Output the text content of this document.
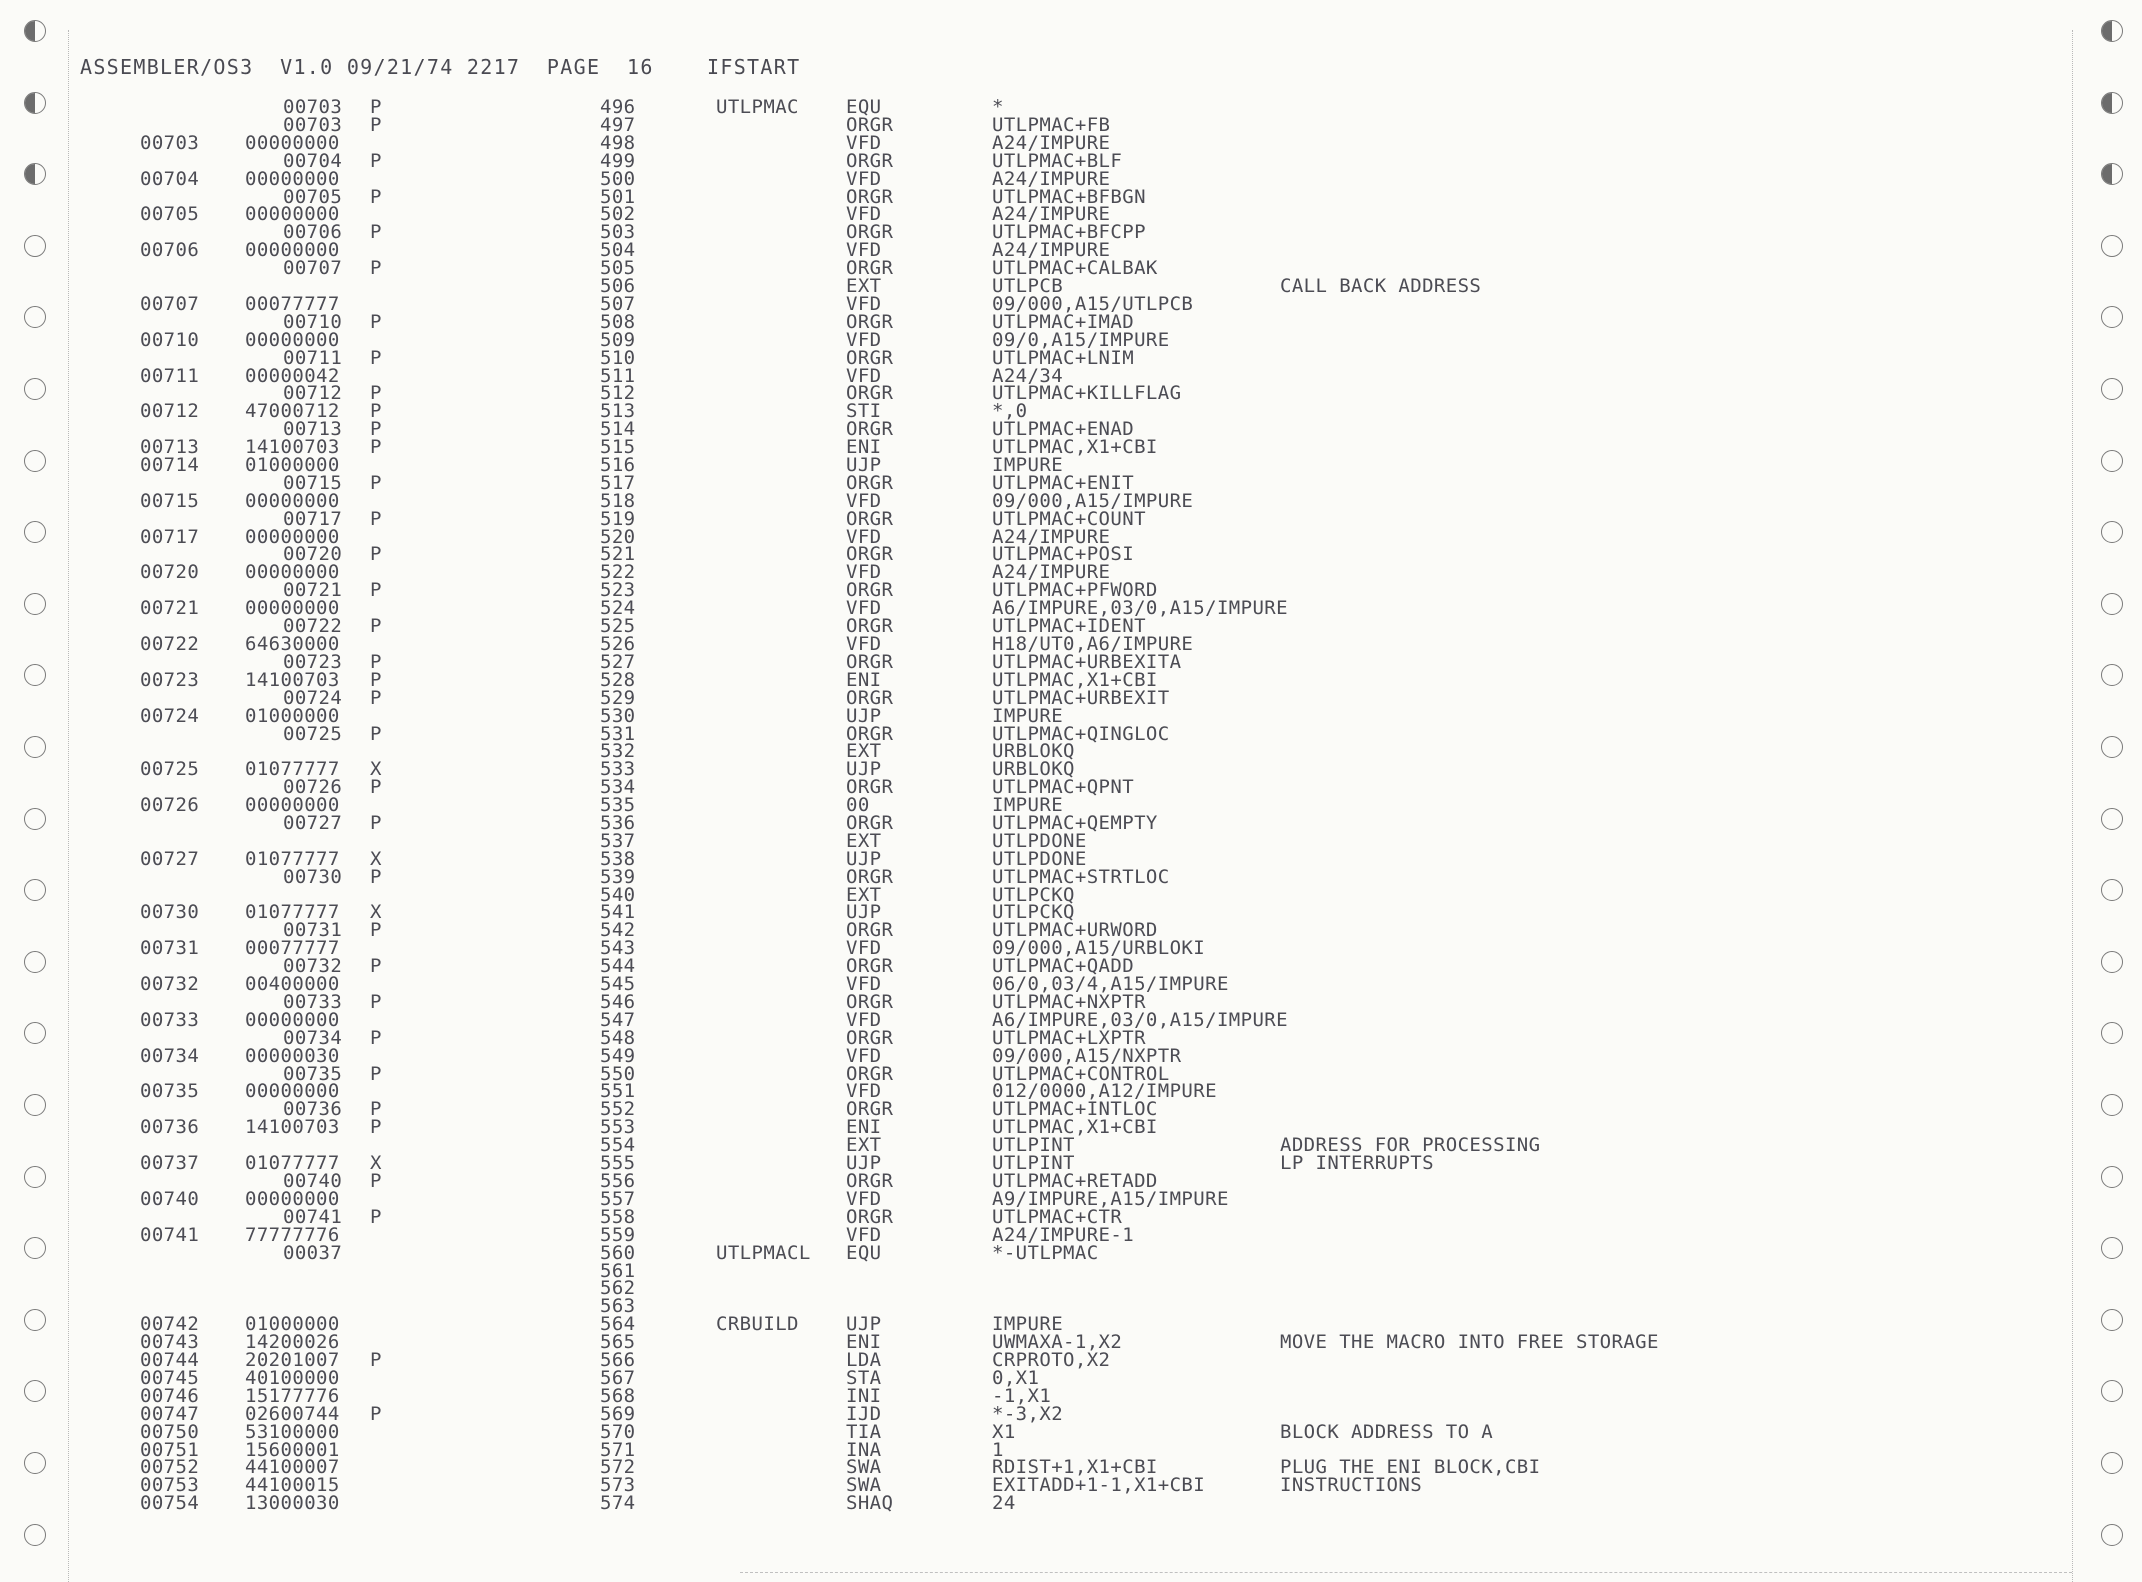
ASSEMBLER/OS3  V1.0 09/21/74 2217  PAGE  16    IFSTART
00703 P	496	UTLPMAC EQU	*
00703 P	497	ORGR	UTLPMAC+FB
00703 00000000	498	VFD	A24/IMPURE
00704 P	499	ORGR	UTLPMAC+BLF
00704 00000000	500	VFD	A24/IMPURE
00705 P	501	ORGR	UTLPMAC+BFBGN
00705 00000000	502	VFD	A24/IMPURE
00706 P	503	ORGR	UTLPMAC+BFCPP
00706 00000000	504	VFD	A24/IMPURE
00707 P	505	ORGR	UTLPMAC+CALBAK
506	EXT	UTLPCB	CALL BACK ADDRESS
00707 00077777	507	VFD	09/000,A15/UTLPCB
00710 P	508	ORGR	UTLPMAC+IMAD
00710 00000000	509	VFD	09/0,A15/IMPURE
00711 P	510	ORGR	UTLPMAC+LNIM
00711 00000042	511	VFD	A24/34
00712 P	512	ORGR	UTLPMAC+KILLFLAG
00712 47000712 P	513	STI	*,0
00713 P	514	ORGR	UTLPMAC+ENAD
00713 14100703 P	515	ENI	UTLPMAC,X1+CBI
00714 01000000	516	UJP	IMPURE
00715 P	517	ORGR	UTLPMAC+ENIT
00715 00000000	518	VFD	09/000,A15/IMPURE
00717 P	519	ORGR	UTLPMAC+COUNT
00717 00000000	520	VFD	A24/IMPURE
00720 P	521	ORGR	UTLPMAC+POSI
00720 00000000	522	VFD	A24/IMPURE
00721 P	523	ORGR	UTLPMAC+PFWORD
00721 00000000	524	VFD	A6/IMPURE,03/0,A15/IMPURE
00722 P	525	ORGR	UTLPMAC+IDENT
00722 64630000	526	VFD	H18/UT0,A6/IMPURE
00723 P	527	ORGR	UTLPMAC+URBEXITA
00723 14100703 P	528	ENI	UTLPMAC,X1+CBI
00724 P	529	ORGR	UTLPMAC+URBEXIT
00724 01000000	530	UJP	IMPURE
00725 P	531	ORGR	UTLPMAC+QINGLOC
532	EXT	URBLOKQ
00725 01077777 X	533	UJP	URBLOKQ
00726 P	534	ORGR	UTLPMAC+QPNT
00726 00000000	535	00	IMPURE
00727 P	536	ORGR	UTLPMAC+QEMPTY
537	EXT	UTLPDONE
00727 01077777 X	538	UJP	UTLPDONE
00730 P	539	ORGR	UTLPMAC+STRTLOC
540	EXT	UTLPCKQ
00730 01077777 X	541	UJP	UTLPCKQ
00731 P	542	ORGR	UTLPMAC+URWORD
00731 00077777	543	VFD	09/000,A15/URBLOKI
00732 P	544	ORGR	UTLPMAC+QADD
00732 00400000	545	VFD	06/0,03/4,A15/IMPURE
00733 P	546	ORGR	UTLPMAC+NXPTR
00733 00000000	547	VFD	A6/IMPURE,03/0,A15/IMPURE
00734 P	548	ORGR	UTLPMAC+LXPTR
00734 00000030	549	VFD	09/000,A15/NXPTR
00735 P	550	ORGR	UTLPMAC+CONTROL
00735 00000000	551	VFD	012/0000,A12/IMPURE
00736 P	552	ORGR	UTLPMAC+INTLOC
00736 14100703 P	553	ENI	UTLPMAC,X1+CBI
554	EXT	UTLPINT	ADDRESS FOR PROCESSING
00737 01077777 X	555	UJP	UTLPINT	LP INTERRUPTS
00740 P	556	ORGR	UTLPMAC+RETADD
00740 00000000	557	VFD	A9/IMPURE,A15/IMPURE
00741 P	558	ORGR	UTLPMAC+CTR
00741 77777776	559	VFD	A24/IMPURE-1
00037	560	UTLPMACL EQU	*-UTLPMAC
561
562
563
00742 01000000	564	CRBUILD UJP	IMPURE
00743 14200026	565	ENI	UWMAXA-1,X2	MOVE THE MACRO INTO FREE STORAGE
00744 20201007 P	566	LDA	CRPROTO,X2
00745 40100000	567	STA	0,X1
00746 15177776	568	INI	-1,X1
00747 02600744 P	569	IJD	*-3,X2
00750 53100000	570	TIA	X1	BLOCK ADDRESS TO A
00751 15600001	571	INA	1
00752 44100007	572	SWA	RDIST+1,X1+CBI	PLUG THE ENI BLOCK,CBI
00753 44100015	573	SWA	EXITADD+1-1,X1+CBI	INSTRUCTIONS
00754 13000030	574	SHAQ	24
